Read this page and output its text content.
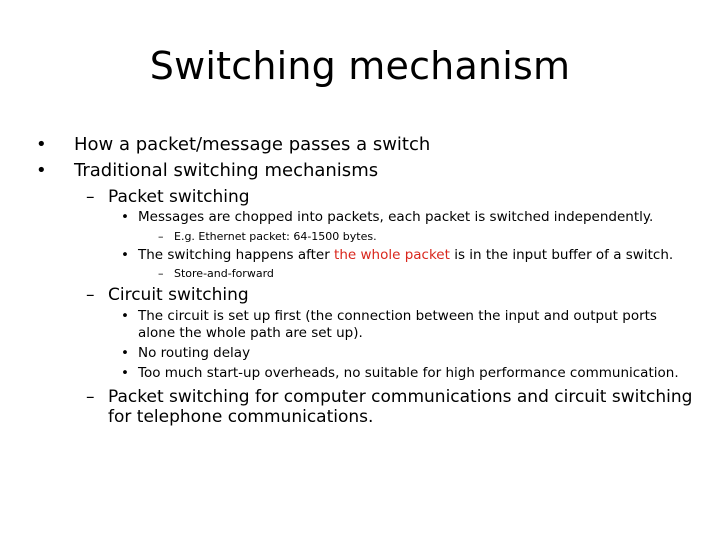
Switching mechanism
• How a packet/message passes a switch
• Traditional switching mechanisms
– Packet switching
• Messages are chopped into packets, each packet is switched independently.
– E.g. Ethernet packet: 64-1500 bytes.
• The switching happens after the whole packet is in the input buffer of a switch.
– Store-and-forward
– Circuit switching
• The circuit is set up first (the connection between the input and output ports
alone the whole path are set up).
• No routing delay
• Too much start-up overheads, no suitable for high performance communication.
– Packet switching for computer communications and circuit switching
for telephone communications.
